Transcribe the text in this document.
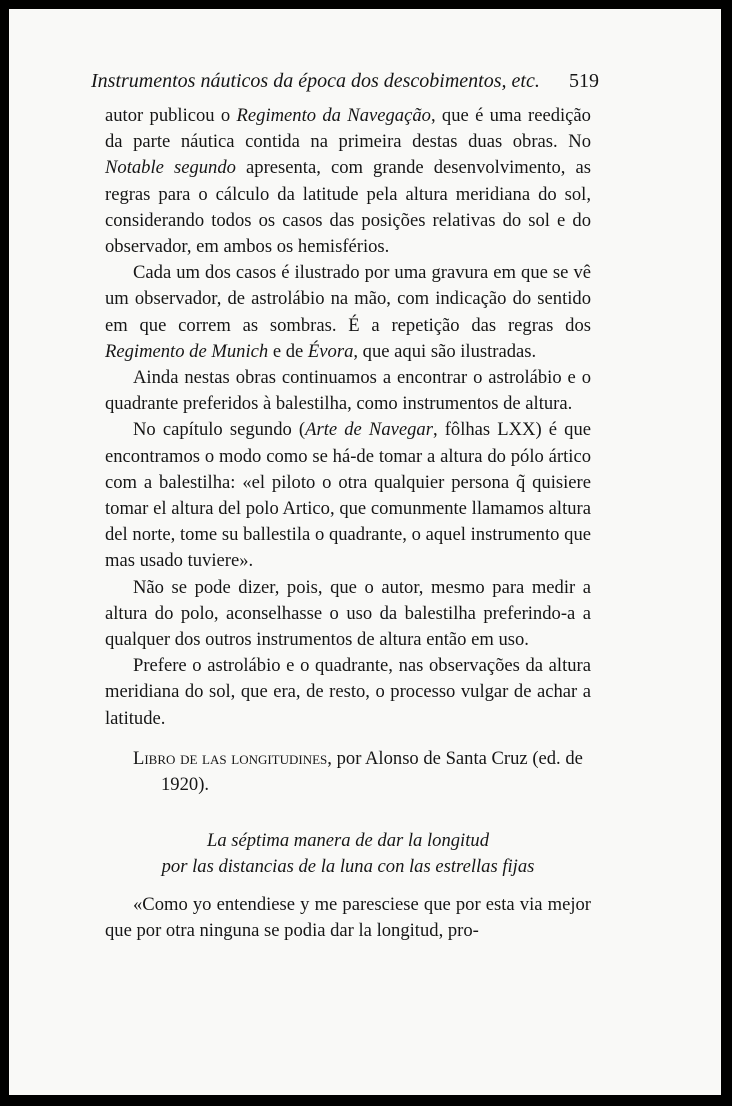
Instrumentos náuticos da época dos descobimentos, etc. 519

autor publicou o Regimento da Navegação, que é uma reedição da parte náutica contida na primeira destas duas obras. No Notable segundo apresenta, com grande desenvolvimento, as regras para o cálculo da latitude pela altura meridiana do sol, considerando todos os casos das posições relativas do sol e do observador, em ambos os hemisférios.

Cada um dos casos é ilustrado por uma gravura em que se vê um observador, de astrolábio na mão, com indicação do sentido em que correm as sombras. É a repetição das regras dos Regimento de Munich e de Évora, que aqui são ilustradas.

Ainda nestas obras continuamos a encontrar o astrolábio e o quadrante preferidos à balestilha, como instrumentos de altura.

No capítulo segundo (Arte de Navegar, fôlhas LXX) é que encontramos o modo como se há-de tomar a altura do pólo ártico com a balestilha: «el piloto o otra qualquier persona q̃ quisiere tomar el altura del polo Artico, que comunmente llamamos altura del norte, tome su ballestila o quadrante, o aquel instrumento que mas usado tuviere».

Não se pode dizer, pois, que o autor, mesmo para medir a altura do polo, aconselhasse o uso da balestilha preferindo-a a qualquer dos outros instrumentos de altura então em uso.

Prefere o astrolábio e o quadrante, nas observações da altura meridiana do sol, que era, de resto, o processo vulgar de achar a latitude.

Libro de las longitudines, por Alonso de Santa Cruz (ed. de 1920).

La séptima manera de dar la longitud
por las distancias de la luna con las estrellas fijas

«Como yo entendiese y me paresciese que por esta via mejor que por otra ninguna se podia dar la longitud, pro-
